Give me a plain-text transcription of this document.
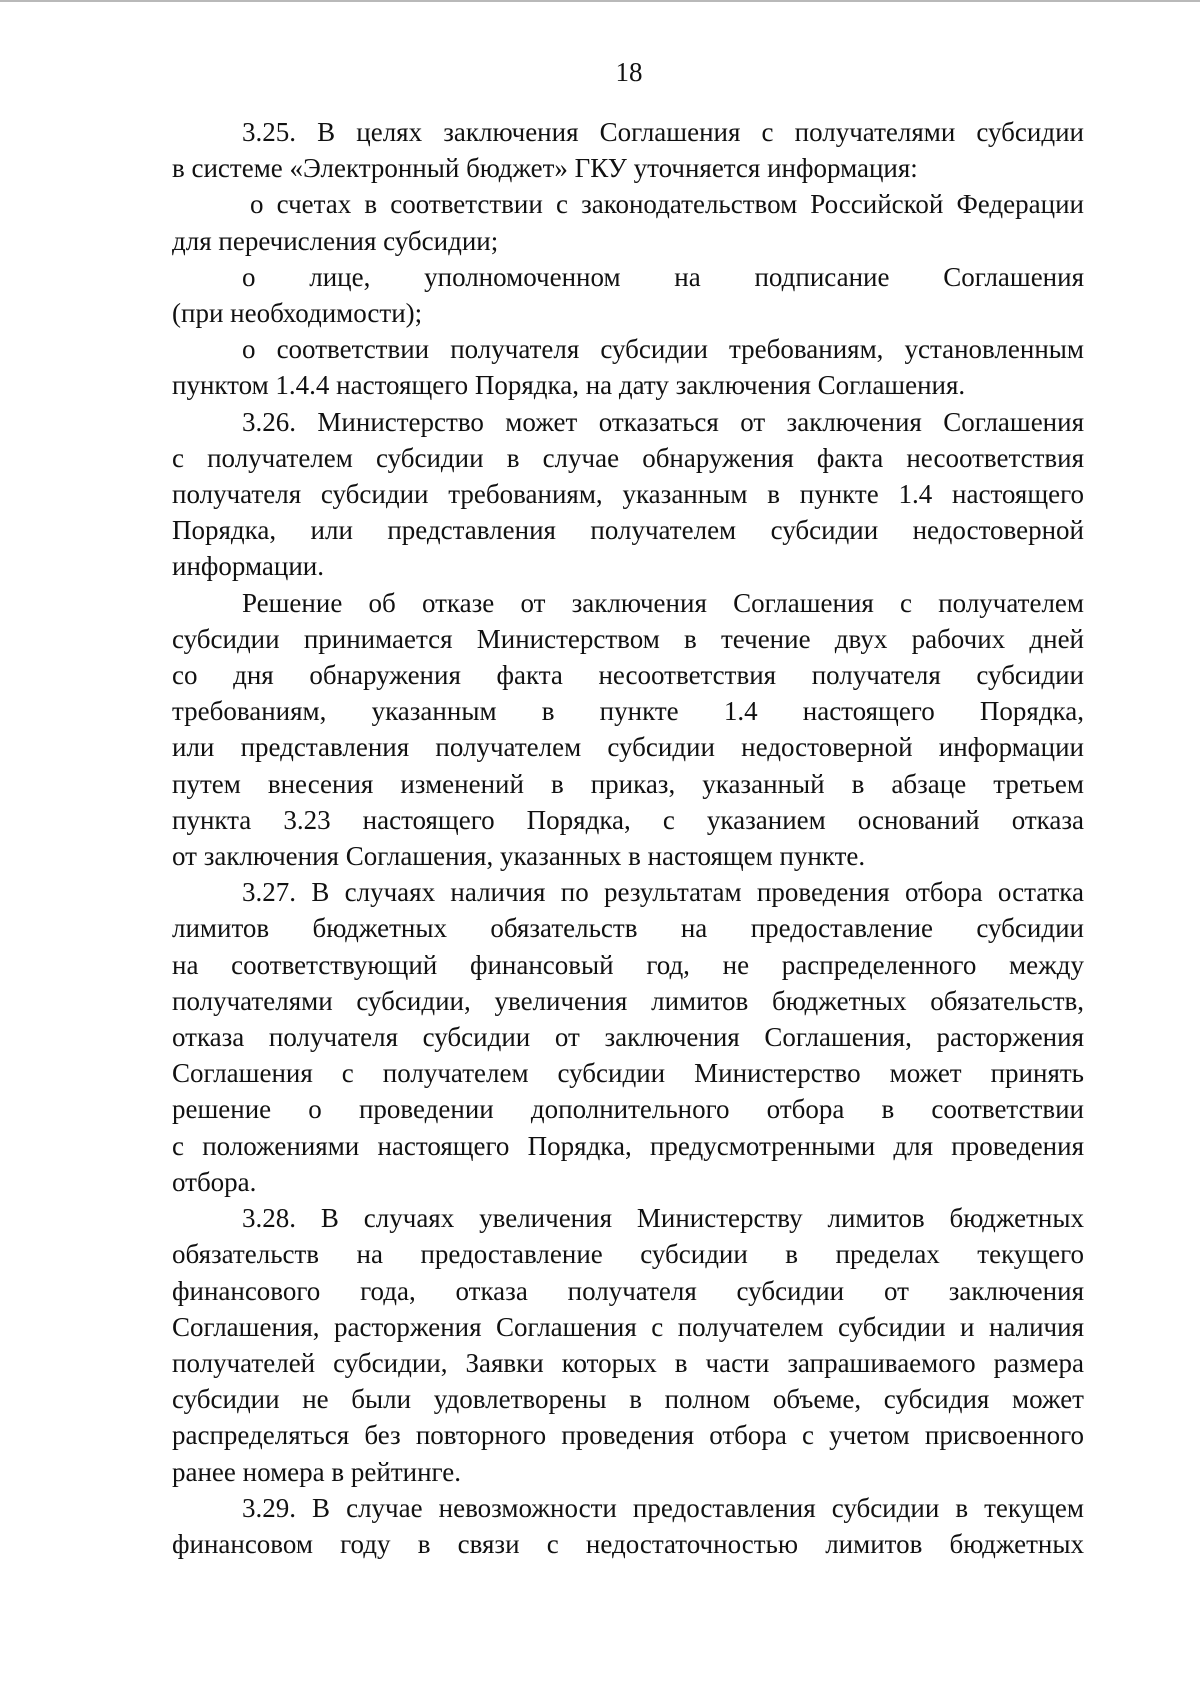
18

3.25. В целях заключения Соглашения с получателями субсидии
в системе «Электронный бюджет» ГКУ уточняется информация:

о счетах в соответствии с законодательством Российской Федерации
для перечисления субсидии;

о лице, уполномоченном на подписание Соглашения
(при необходимости);

о соответствии получателя субсидии требованиям, установленным
пунктом 1.4.4 настоящего Порядка, на дату заключения Соглашения.

3.26. Министерство может отказаться от заключения Соглашения
с получателем субсидии в случае обнаружения факта несоответствия
получателя субсидии требованиям, указанным в пункте 1.4 настоящего
Порядка, или представления получателем субсидии недостоверной
информации.

Решение об отказе от заключения Соглашения с получателем
субсидии принимается Министерством в течение двух рабочих дней
со дня обнаружения факта несоответствия получателя субсидии
требованиям, указанным в пункте 1.4 настоящего Порядка,
или представления получателем субсидии недостоверной информации
путем внесения изменений в приказ, указанный в абзаце третьем
пункта 3.23 настоящего Порядка, с указанием оснований отказа
от заключения Соглашения, указанных в настоящем пункте.

3.27. В случаях наличия по результатам проведения отбора остатка
лимитов бюджетных обязательств на предоставление субсидии
на соответствующий финансовый год, не распределенного между
получателями субсидии, увеличения лимитов бюджетных обязательств,
отказа получателя субсидии от заключения Соглашения, расторжения
Соглашения с получателем субсидии Министерство может принять
решение о проведении дополнительного отбора в соответствии
с положениями настоящего Порядка, предусмотренными для проведения
отбора.

3.28. В случаях увеличения Министерству лимитов бюджетных
обязательств на предоставление субсидии в пределах текущего
финансового года, отказа получателя субсидии от заключения
Соглашения, расторжения Соглашения с получателем субсидии и наличия
получателей субсидии, Заявки которых в части запрашиваемого размера
субсидии не были удовлетворены в полном объеме, субсидия может
распределяться без повторного проведения отбора с учетом присвоенного
ранее номера в рейтинге.

3.29. В случае невозможности предоставления субсидии в текущем
финансовом году в связи с недостаточностью лимитов бюджетных
